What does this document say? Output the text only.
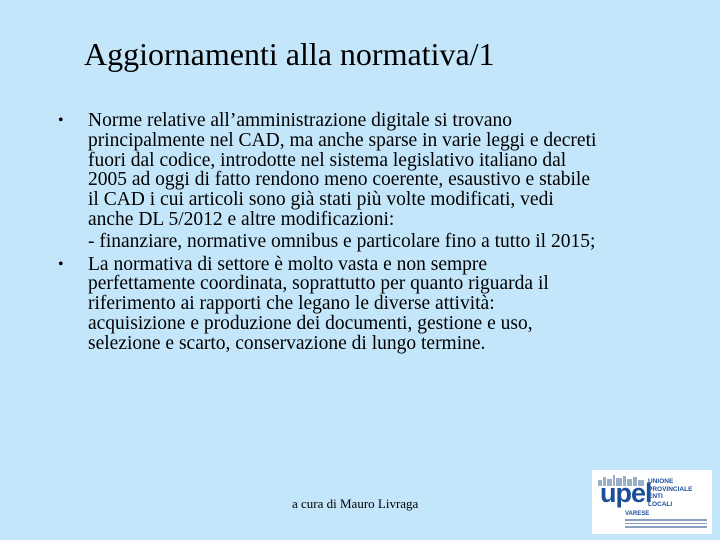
Aggiornamenti alla normativa/1
• Norme relative all’amministrazione digitale si trovano
principalmente nel CAD, ma anche sparse in varie leggi e decreti
fuori dal codice, introdotte nel sistema legislativo italiano dal
2005 ad oggi di fatto rendono meno coerente, esaustivo e stabile
il CAD i cui articoli sono già stati più volte modificati, vedi
anche DL 5/2012 e altre modificazioni:
- finanziare, normative omnibus e particolare fino a tutto il 2015;
• La normativa di settore è molto vasta e non sempre
perfettamente coordinata, soprattutto per quanto riguarda il
riferimento ai rapporti che legano le diverse attività:
acquisizione e produzione dei documenti, gestione e uso,
selezione e scarto, conservazione di lungo termine.
a cura di Mauro Livraga	upel
UNIONE
PROVINCIALE
ENTI
LOCALI
VARESE
